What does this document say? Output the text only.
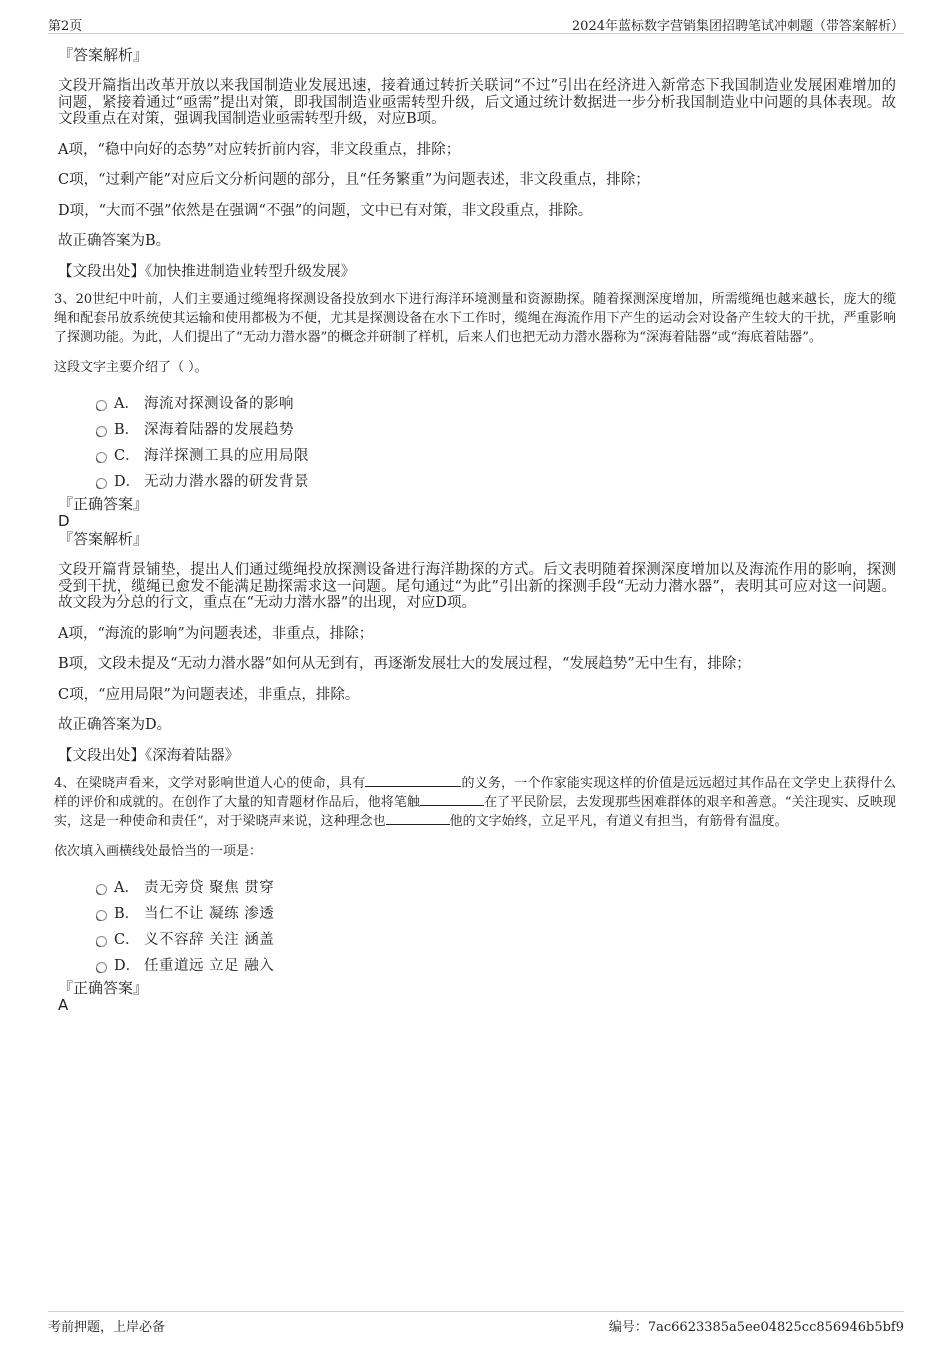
第2页	2024年蓝标数字营销集团招聘笔试冲刺题（带答案解析）
『答案解析』
文段开篇指出改革开放以来我国制造业发展迅速，接着通过转折关联词“不过”引出在经济进入新常态下我国制造业发展困难增加的问题，紧接着通过“亟需”提出对策，即我国制造业亟需转型升级，后文通过统计数据进一步分析我国制造业中问题的具体表现。故文段重点在对策，强调我国制造业亟需转型升级，对应B项。
A项，“稳中向好的态势”对应转折前内容，非文段重点，排除；
C项，“过剩产能”对应后文分析问题的部分，且“任务繁重”为问题表述，非文段重点，排除；
D项，“大而不强”依然是在强调“不强”的问题，文中已有对策，非文段重点，排除。
故正确答案为B。
【文段出处】《加快推进制造业转型升级发展》
3、20世纪中叶前，人们主要通过缆绳将探测设备投放到水下进行海洋环境测量和资源勘探。随着探测深度增加，所需缆绳也越来越长，庞大的缆绳和配套吊放系统使其运输和使用都极为不便，尤其是探测设备在水下工作时，缆绳在海流作用下产生的运动会对设备产生较大的干扰，严重影响了探测功能。为此，人们提出了“无动力潜水器”的概念并研制了样机，后来人们也把无动力潜水器称为“深海着陆器”或“海底着陆器”。
这段文字主要介绍了（ ）。
A． 海流对探测设备的影响
B． 深海着陆器的发展趋势
C． 海洋探测工具的应用局限
D． 无动力潜水器的研发背景
『正确答案』
D
『答案解析』
文段开篇背景铺垫，提出人们通过缆绳投放探测设备进行海洋勘探的方式。后文表明随着探测深度增加以及海流作用的影响，探测受到干扰，缆绳已愈发不能满足勘探需求这一问题。尾句通过“为此”引出新的探测手段“无动力潜水器”，表明其可应对这一问题。故文段为分总的行文，重点在“无动力潜水器”的出现，对应D项。
A项，“海流的影响”为问题表述，非重点，排除；
B项，文段未提及“无动力潜水器”如何从无到有，再逐渐发展壮大的发展过程，“发展趋势”无中生有，排除；
C项，“应用局限”为问题表述，非重点，排除。
故正确答案为D。
【文段出处】《深海着陆器》
4、在梁晓声看来，文学对影响世道人心的使命，具有	的义务，一个作家能实现这样的价值是远远超过其作品在文学史上获得什么样的评价和成就的。在创作了大量的知青题材作品后，他将笔触	在了平民阶层，去发现那些困难群体的艰辛和善意。“关注现实、反映现实，这是一种使命和责任”，对于梁晓声来说，这种理念也	他的文字始终，立足平凡，有道义有担当，有筋骨有温度。
依次填入画横线处最恰当的一项是：
A． 责无旁贷 聚焦 贯穿
B． 当仁不让 凝练 渗透
C． 义不容辞 关注 涵盖
D． 任重道远 立足 融入
『正确答案』
A
考前押题，上岸必备	编号：7ac6623385a5ee04825cc856946b5bf9
